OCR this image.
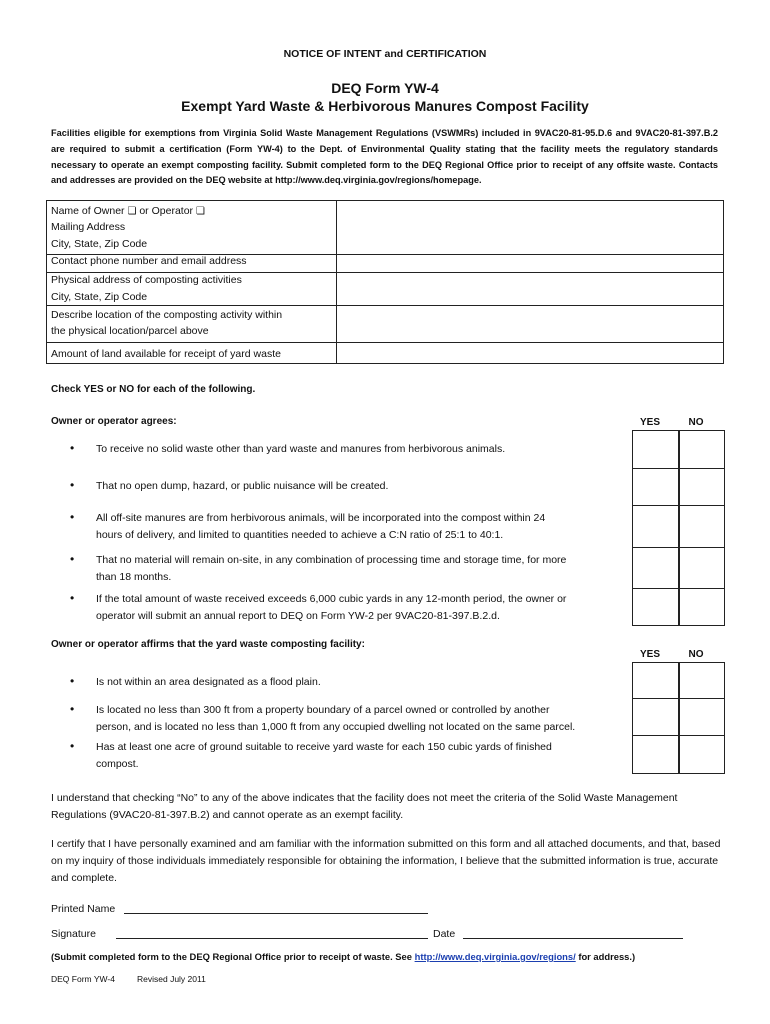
NOTICE OF INTENT and CERTIFICATION
DEQ Form YW-4
Exempt Yard Waste & Herbivorous Manures Compost Facility
Facilities eligible for exemptions from Virginia Solid Waste Management Regulations (VSWMRs) included in 9VAC20-81-95.D.6 and 9VAC20-81-397.B.2 are required to submit a certification (Form YW-4) to the Dept. of Environmental Quality stating that the facility meets the regulatory standards necessary to operate an exempt composting facility. Submit completed form to the DEQ Regional Office prior to receipt of any offsite waste. Contacts and addresses are provided on the DEQ website at http://www.deq.virginia.gov/regions/homepage.
Name of Owner ❏ or Operator ❏
Mailing Address
City, State, Zip Code
Contact phone number and email address
Physical address of composting activities
City, State, Zip Code
Describe location of the composting activity within
the physical location/parcel above
Amount of land available for receipt of yard waste
Check YES or NO for each of the following.
Owner or operator agrees:	YES	NO
• To receive no solid waste other than yard waste and manures from herbivorous animals.
• That no open dump, hazard, or public nuisance will be created.
• All off-site manures are from herbivorous animals, will be incorporated into the compost within 24
hours of delivery, and limited to quantities needed to achieve a C:N ratio of 25:1 to 40:1.
• That no material will remain on-site, in any combination of processing time and storage time, for more
than 18 months.
• If the total amount of waste received exceeds 6,000 cubic yards in any 12-month period, the owner or
operator will submit an annual report to DEQ on Form YW-2 per 9VAC20-81-397.B.2.d.
Owner or operator affirms that the yard waste composting facility:
YES	NO
• Is not within an area designated as a flood plain.
• Is located no less than 300 ft from a property boundary of a parcel owned or controlled by another
person, and is located no less than 1,000 ft from any occupied dwelling not located on the same parcel.
• Has at least one acre of ground suitable to receive yard waste for each 150 cubic yards of finished
compost.
I understand that checking “No” to any of the above indicates that the facility does not meet the criteria of the Solid Waste Management Regulations (9VAC20-81-397.B.2) and cannot operate as an exempt facility.
I certify that I have personally examined and am familiar with the information submitted on this form and all attached documents, and that, based on my inquiry of those individuals immediately responsible for obtaining the information, I believe that the submitted information is true, accurate and complete.
Printed Name
Signature	Date
(Submit completed form to the DEQ Regional Office prior to receipt of waste. See http://www.deq.virginia.gov/regions/ for address.)
DEQ Form YW-4	Revised July 2011
